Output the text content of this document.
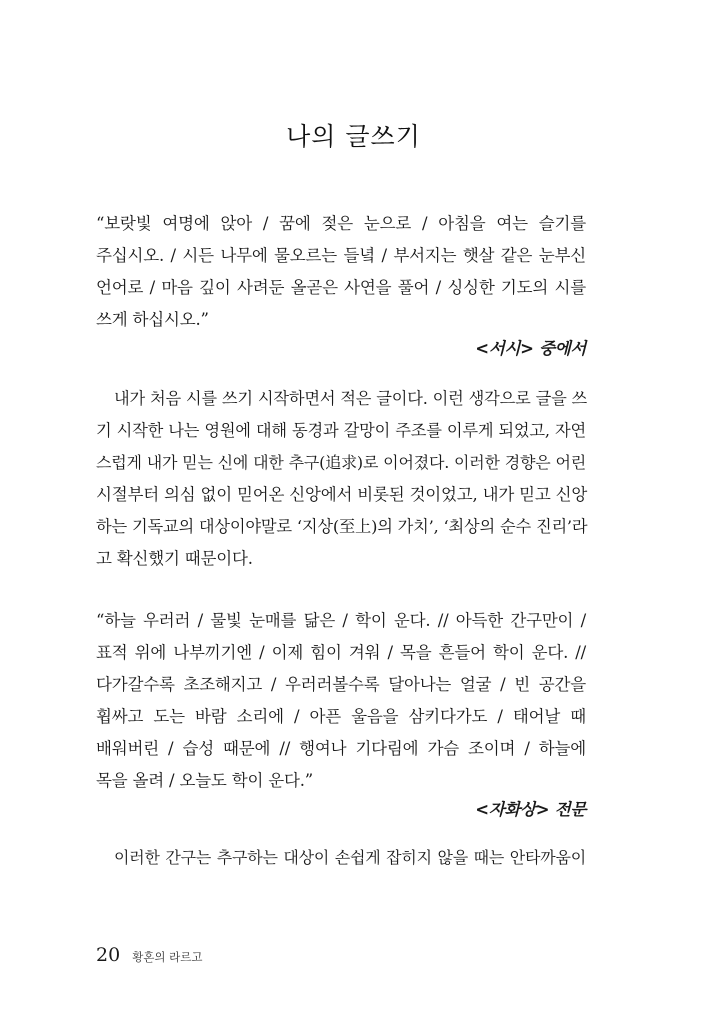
나의 글쓰기
“보랏빛 여명에 앉아 / 꿈에 젖은 눈으로 / 아침을 여는 슬기를
주십시오. / 시든 나무에 물오르는 들녘 / 부서지는 햇살 같은 눈부신
언어로 / 마음 깊이 사려둔 올곧은 사연을 풀어 / 싱싱한 기도의 시를
쓰게 하십시오.”
<서시> 중에서
내가 처음 시를 쓰기 시작하면서 적은 글이다. 이런 생각으로 글을 쓰
기 시작한 나는 영원에 대해 동경과 갈망이 주조를 이루게 되었고, 자연
스럽게 내가 믿는 신에 대한 추구(追求)로 이어졌다. 이러한 경향은 어린
시절부터 의심 없이 믿어온 신앙에서 비롯된 것이었고, 내가 믿고 신앙
하는 기독교의 대상이야말로 ‘지상(至上)의 가치’, ‘최상의 순수 진리’라
고 확신했기 때문이다.
“하늘 우러러 / 물빛 눈매를 닮은 / 학이 운다. // 아득한 간구만이 /
표적 위에 나부끼기엔 / 이제 힘이 겨워 / 목을 흔들어 학이 운다. //
다가갈수록 초조해지고 / 우러러볼수록 달아나는 얼굴 / 빈 공간을
휩싸고 도는 바람 소리에 / 아픈 울음을 삼키다가도 / 태어날 때
배워버린 / 습성 때문에 // 행여나 기다림에 가슴 조이며 / 하늘에
목을 올려 / 오늘도 학이 운다.”
<자화상> 전문
이러한 간구는 추구하는 대상이 손쉽게 잡히지 않을 때는 안타까움이
20 황혼의 라르고
